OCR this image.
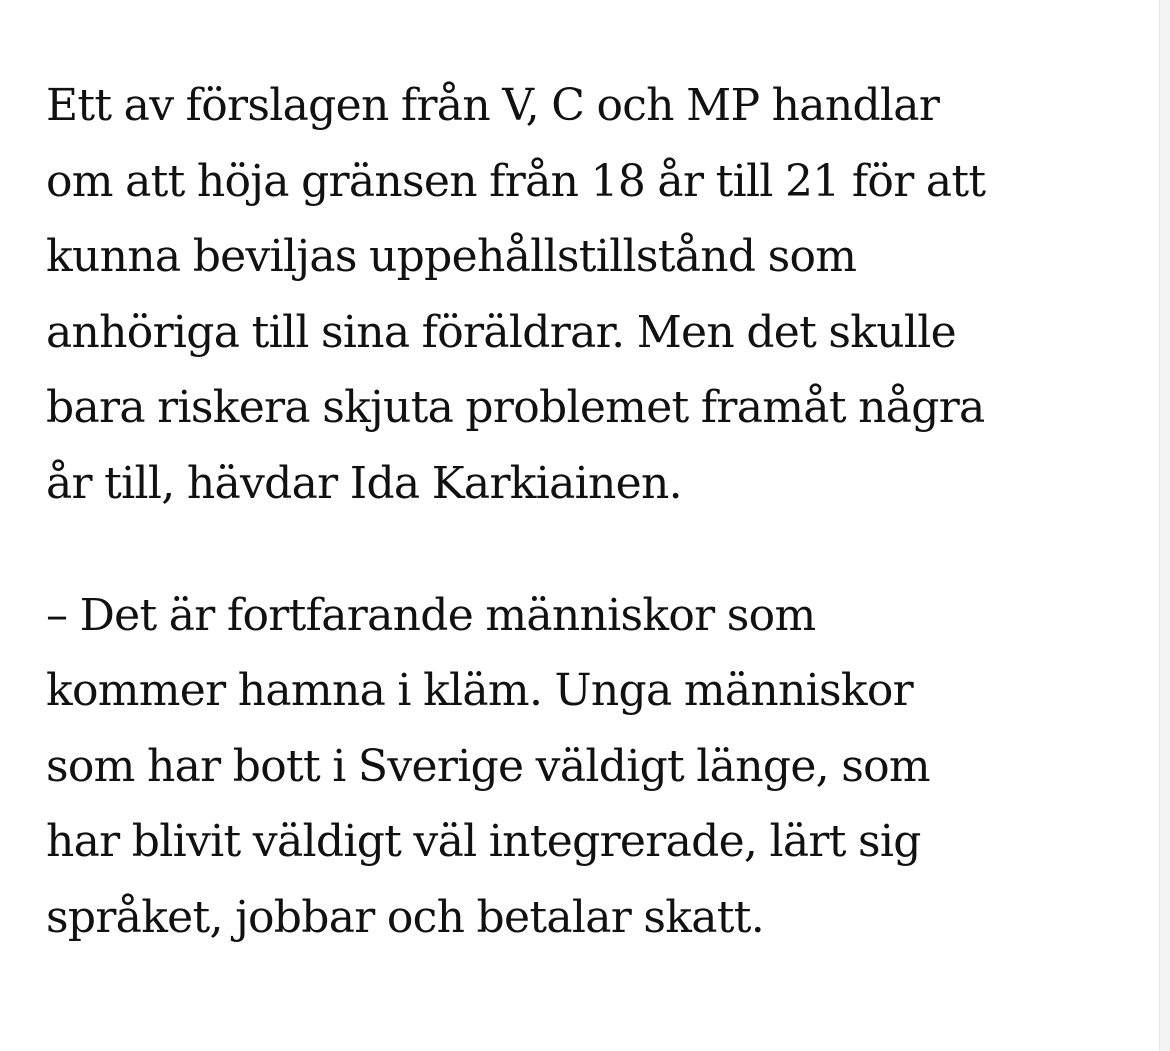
Ett av förslagen från V, C och MP handlar
om att höja gränsen från 18 år till 21 för att
kunna beviljas uppehållstillstånd som
anhöriga till sina föräldrar. Men det skulle
bara riskera skjuta problemet framåt några
år till, hävdar Ida Karkiainen.

– Det är fortfarande människor som
kommer hamna i kläm. Unga människor
som har bott i Sverige väldigt länge, som
har blivit väldigt väl integrerade, lärt sig
språket, jobbar och betalar skatt.
